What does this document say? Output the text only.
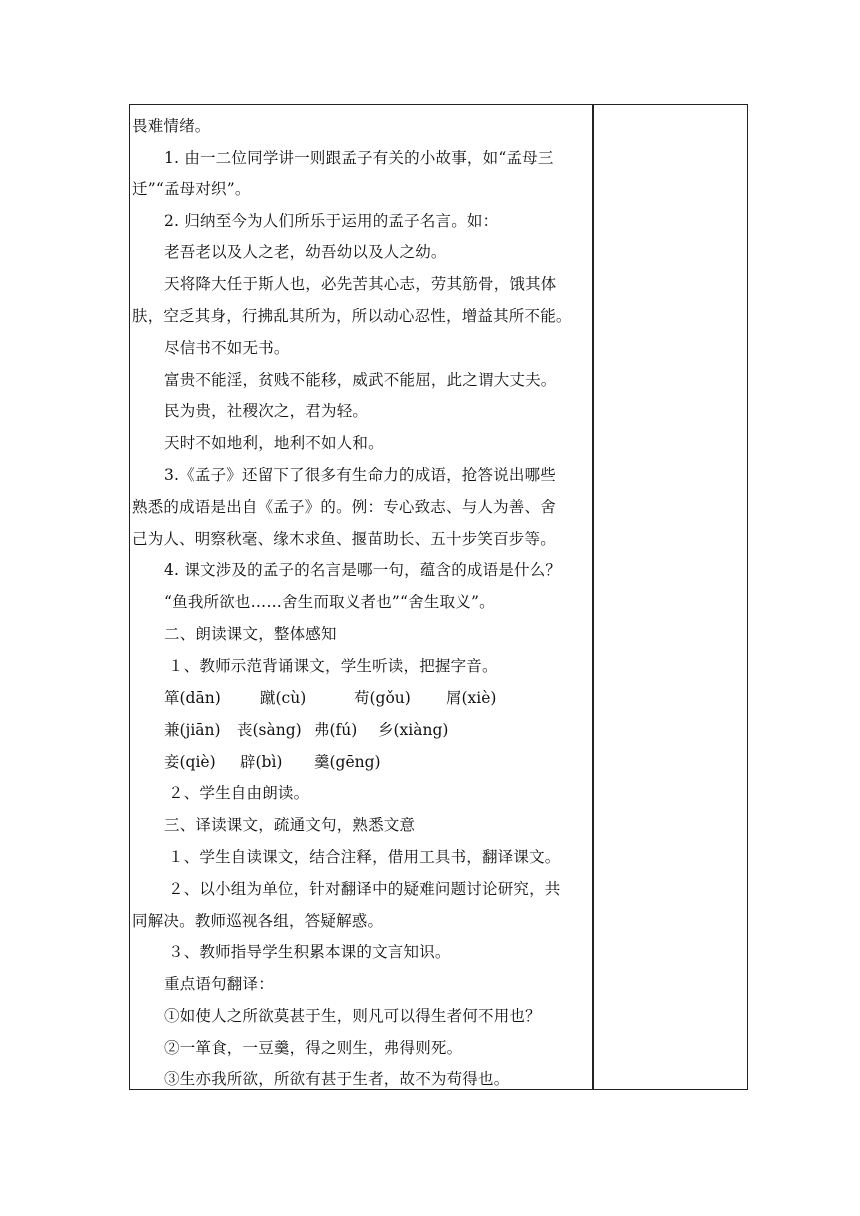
畏难情绪。
1. 由一二位同学讲一则跟孟子有关的小故事，如“孟母三
迁”“孟母对织”。
2. 归纳至今为人们所乐于运用的孟子名言。如：
老吾老以及人之老，幼吾幼以及人之幼。
天将降大任于斯人也，必先苦其心志，劳其筋骨，饿其体
肤，空乏其身，行拂乱其所为，所以动心忍性，增益其所不能。
尽信书不如无书。
富贵不能淫，贫贱不能移，威武不能屈，此之谓大丈夫。
民为贵，社稷次之，君为轻。
天时不如地利，地利不如人和。
3.《孟子》还留下了很多有生命力的成语，抢答说出哪些
熟悉的成语是出自《孟子》的。例：专心致志、与人为善、舍
己为人、明察秋毫、缘木求鱼、揠苗助长、五十步笑百步等。
4. 课文涉及的孟子的名言是哪一句，蕴含的成语是什么？
“鱼我所欲也……舍生而取义者也”“舍生取义”。
二、朗读课文，整体感知
１、教师示范背诵课文，学生听读，把握字音。
箪(dān)	蹴(cù)	苟(gǒu) 屑(xiè)
兼(jiān) 丧(sàng) 弗(fú) 乡(xiàng)
妾(qiè) 辟(bì) 羹(gēng)
２、学生自由朗读。
三、译读课文，疏通文句，熟悉文意
１、学生自读课文，结合注释，借用工具书，翻译课文。
２、以小组为单位，针对翻译中的疑难问题讨论研究，共
同解决。教师巡视各组，答疑解惑。
３、教师指导学生积累本课的文言知识。
重点语句翻译：
①如使人之所欲莫甚于生，则凡可以得生者何不用也？
②一箪食，一豆羹，得之则生，弗得则死。
③生亦我所欲，所欲有甚于生者，故不为苟得也。
